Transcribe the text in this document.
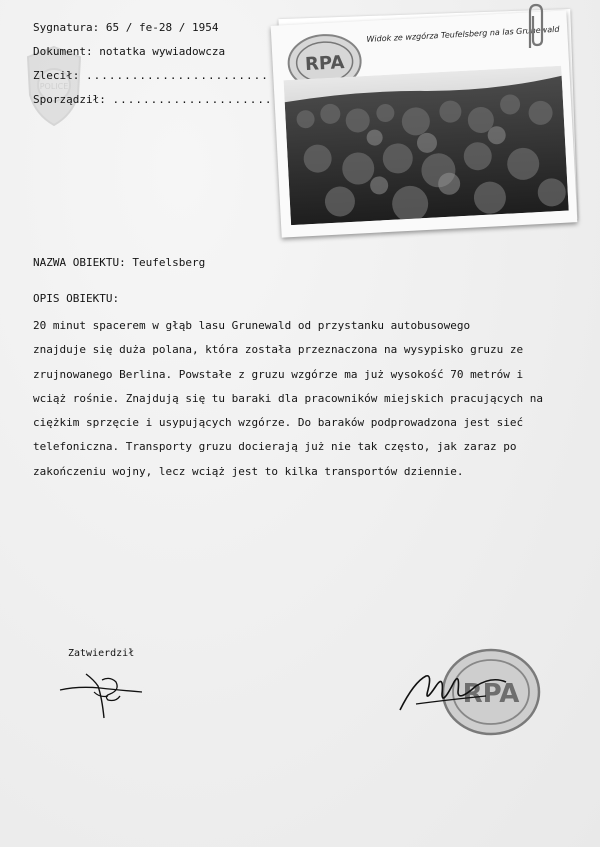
POLICE
Sygnatura: 65 / fe-28 / 1954
Dokument: notatka wywiadowcza
Zlecił: ........................
Sporządził: .....................
RPA
Widok ze wzgórza Teufelsberg na las Grunewald
NAZWA OBIEKTU: Teufelsberg
OPIS OBIEKTU:
20 minut spacerem w głąb lasu Grunewald od przystanku autobusowego
znajduje się duża polana, która została przeznaczona na wysypisko gruzu ze
zrujnowanego Berlina. Powstałe z gruzu wzgórze ma już wysokość 70 metrów i
wciąż rośnie. Znajdują się tu baraki dla pracowników miejskich pracujących na
ciężkim sprzęcie i usypujących wzgórze. Do baraków podprowadzona jest sieć
telefoniczna. Transporty gruzu docierają już nie tak często, jak zaraz po
zakończeniu wojny, lecz wciąż jest to kilka transportów dziennie.
Zatwierdził
RPA
